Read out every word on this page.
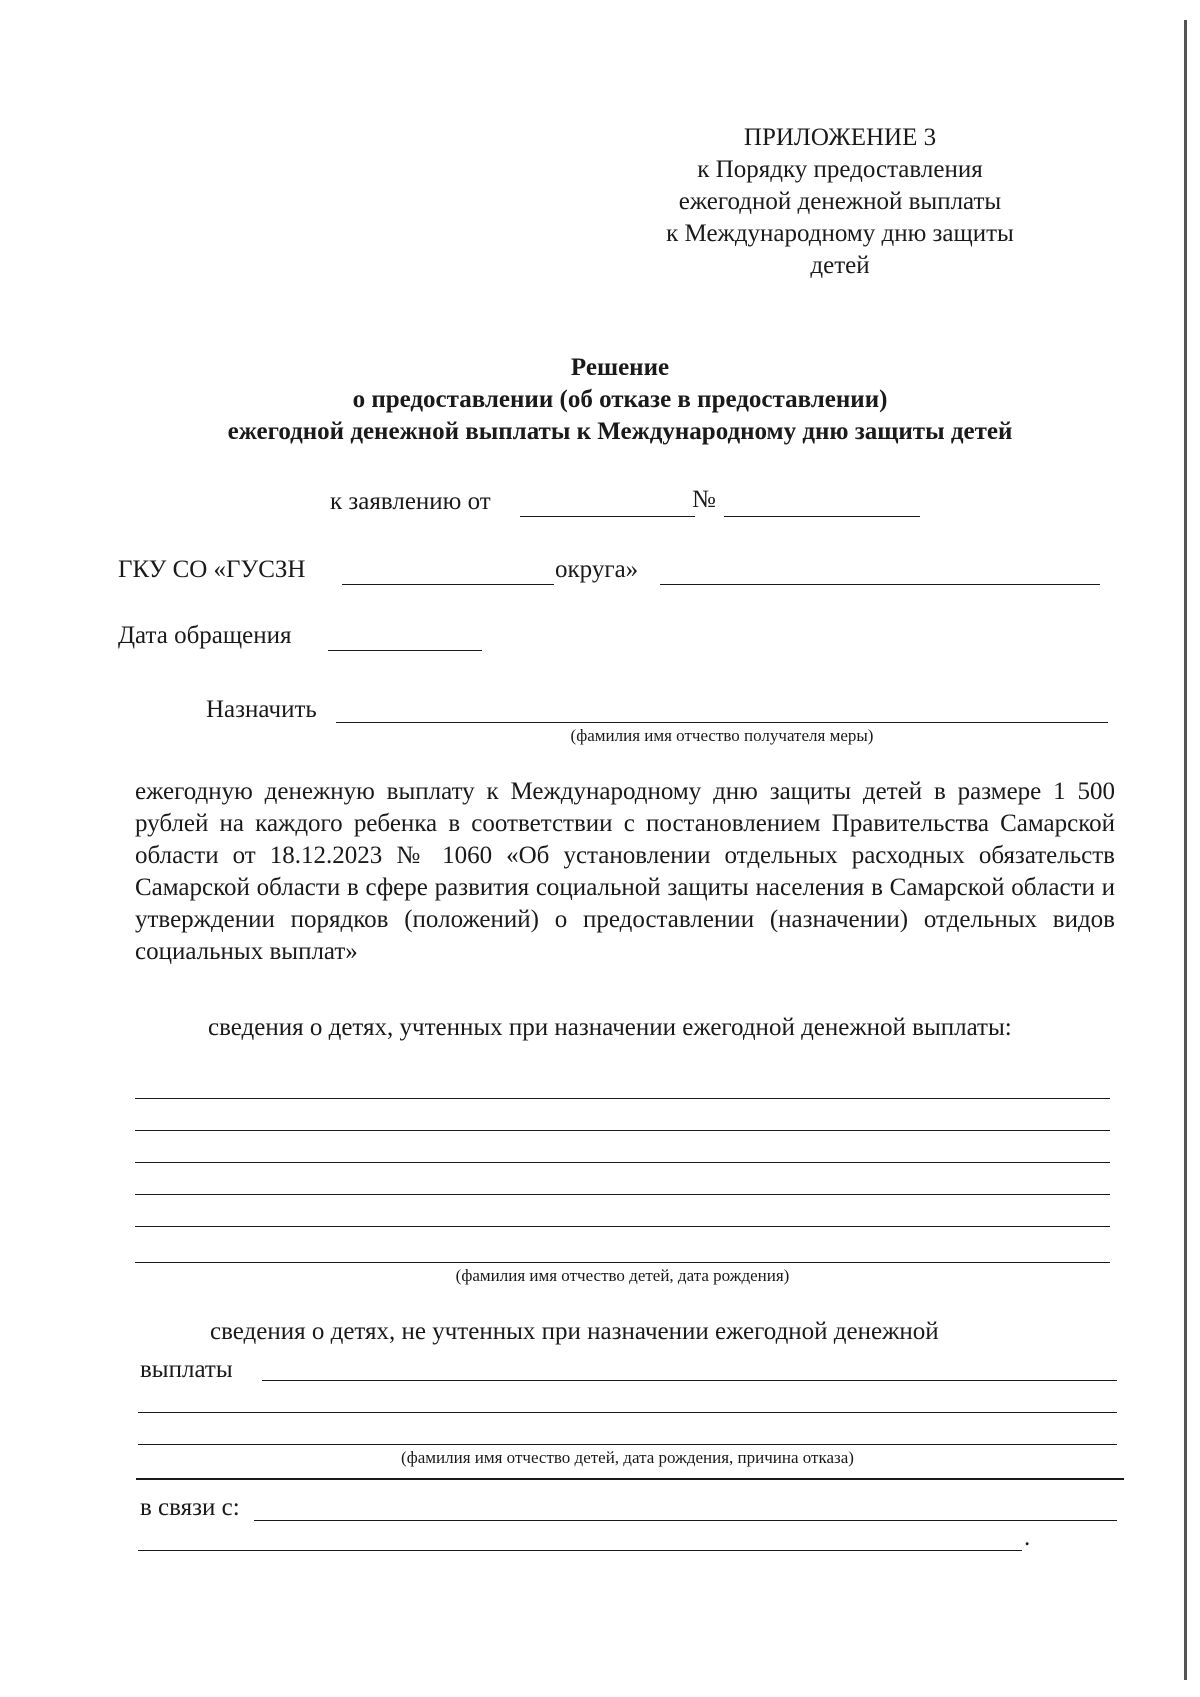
ПРИЛОЖЕНИЕ 3
к Порядку предоставления
ежегодной денежной выплаты
к Международному дню защиты
детей
Решение
о предоставлении (об отказе в предоставлении)
ежегодной денежной выплаты к Международному дню защиты детей
к заявлению от	№
ГКУ СО «ГУСЗН	округа»
Дата обращения
Назначить
(фамилия имя отчество получателя меры)
ежегодную денежную выплату к Международному дню защиты детей в размере 1 500 рублей на каждого ребенка в соответствии с постановлением Правительства Самарской области от 18.12.2023 № 1060 «Об установлении отдельных расходных обязательств Самарской области в сфере развития социальной защиты населения в Самарской области и утверждении порядков (положений) о предоставлении (назначении) отдельных видов социальных выплат»
сведения о детях, учтенных при назначении ежегодной денежной выплаты:
(фамилия имя отчество детей, дата рождения)
сведения о детях, не учтенных при назначении ежегодной денежной
выплаты
(фамилия имя отчество детей, дата рождения, причина отказа)
в связи с:
.
